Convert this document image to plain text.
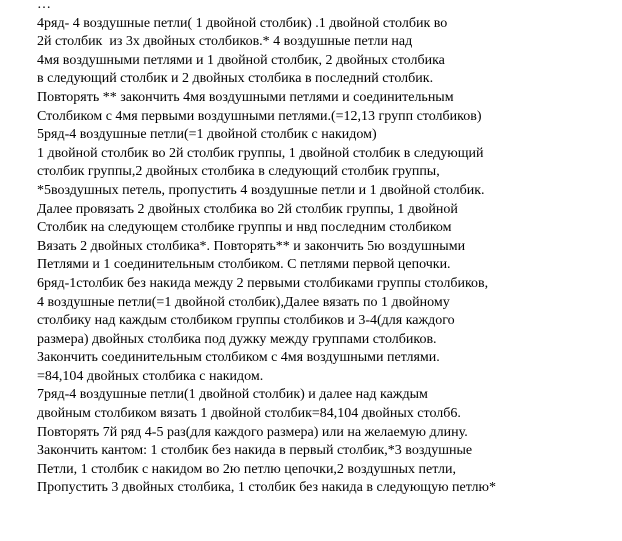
…
4ряд- 4 воздушные петли( 1 двойной столбик) .1 двойной столбик во
2й столбик  из 3х двойных столбиков.* 4 воздушные петли над
4мя воздушными петлями и 1 двойной столбик, 2 двойных столбика
в следующий столбик и 2 двойных столбика в последний столбик.
Повторять ** закончить 4мя воздушными петлями и соединительным
Столбиком с 4мя первыми воздушными петлями.(=12,13 групп столбиков)
5ряд-4 воздушные петли(=1 двойной столбик с накидом)
1 двойной столбик во 2й столбик группы, 1 двойной столбик в следующий
столбик группы,2 двойных столбика в следующий столбик группы,
*5воздушных петель, пропустить 4 воздушные петли и 1 двойной столбик.
Далее провязать 2 двойных столбика во 2й столбик группы, 1 двойной
Столбик на следующем столбике группы и нвд последним столбиком
Вязать 2 двойных столбика*. Повторять** и закончить 5ю воздушными
Петлями и 1 соединительным столбиком. С петлями первой цепочки.
6ряд-1столбик без накида между 2 первыми столбиками группы столбиков,
4 воздушные петли(=1 двойной столбик),Далее вязать по 1 двойному
столбику над каждым столбиком группы столбиков и 3-4(для каждого
размера) двойных столбика под дужку между группами столбиков.
Закончить соединительным столбиком с 4мя воздушными петлями.
=84,104 двойных столбика с накидом.
7ряд-4 воздушные петли(1 двойной столбик) и далее над каждым
двойным столбиком вязать 1 двойной столбик=84,104 двойных столб6.
Повторять 7й ряд 4-5 раз(для каждого размера) или на желаемую длину.
Закончить кантом: 1 столбик без накида в первый столбик,*3 воздушные
Петли, 1 столбик с накидом во 2ю петлю цепочки,2 воздушных петли,
Пропустить 3 двойных столбика, 1 столбик без накида в следующую петлю*
